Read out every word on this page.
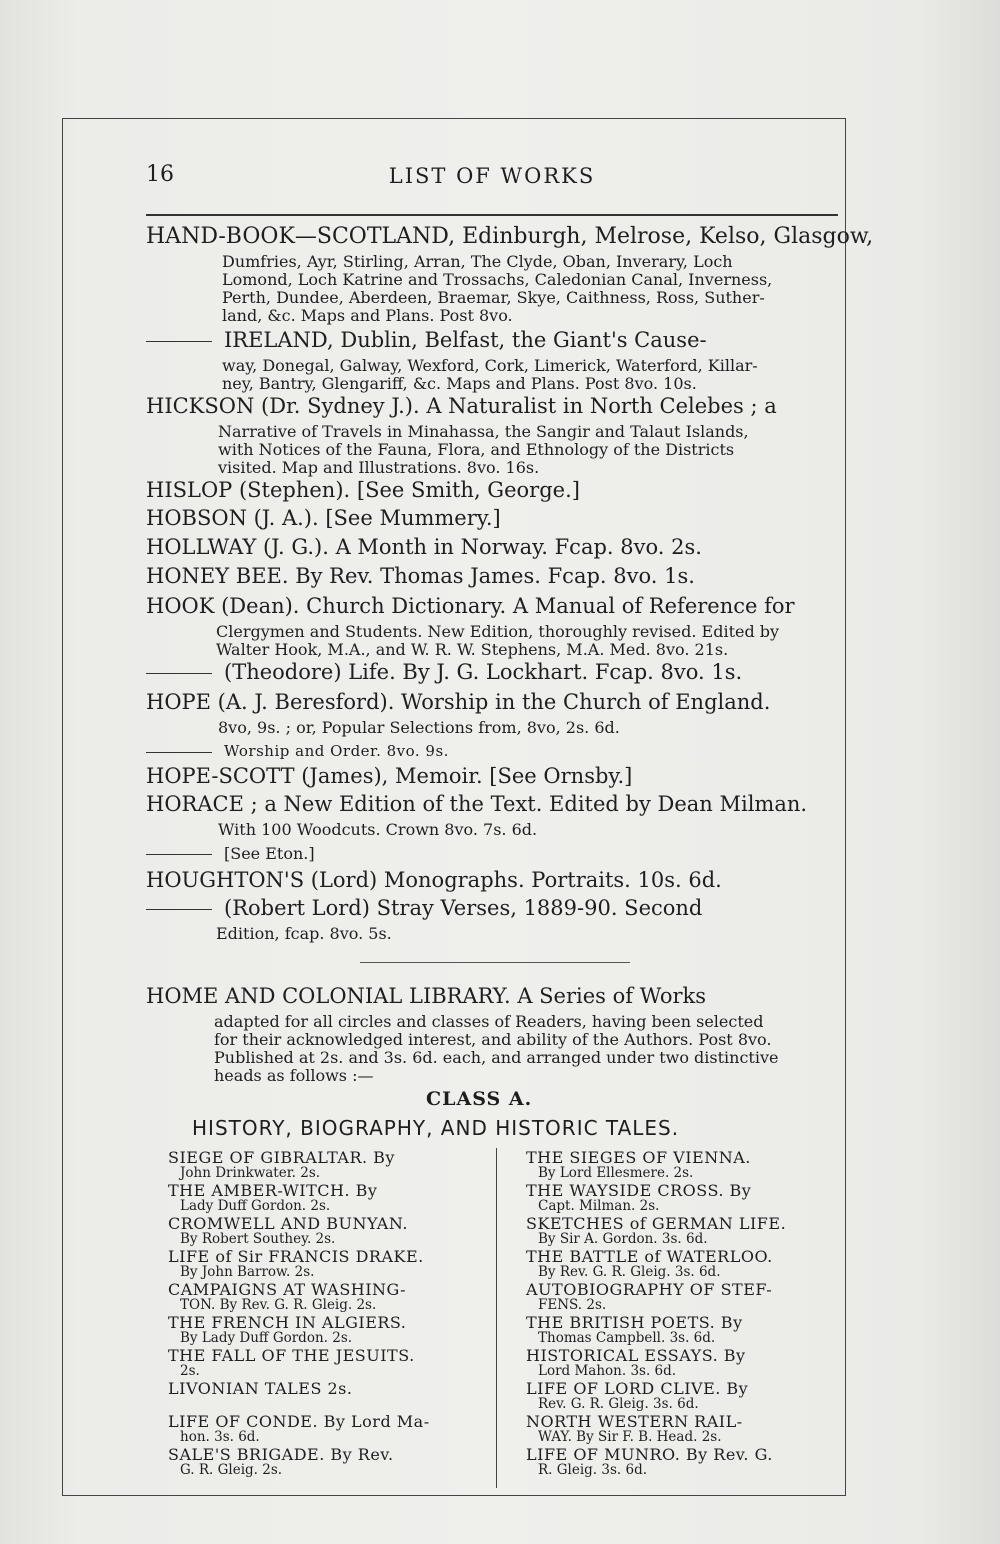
16	LIST OF WORKS
HAND-BOOK—SCOTLAND, Edinburgh, Melrose, Kelso, Glasgow,
Dumfries, Ayr, Stirling, Arran, The Clyde, Oban, Inverary, Loch
Lomond, Loch Katrine and Trossachs, Caledonian Canal, Inverness,
Perth, Dundee, Aberdeen, Braemar, Skye, Caithness, Ross, Suther-
land, &c. Maps and Plans. Post 8vo.
IRELAND, Dublin, Belfast, the Giant's Cause-
way, Donegal, Galway, Wexford, Cork, Limerick, Waterford, Killar-
ney, Bantry, Glengariff, &c. Maps and Plans. Post 8vo. 10s.
HICKSON (Dr. Sydney J.). A Naturalist in North Celebes ; a
Narrative of Travels in Minahassa, the Sangir and Talaut Islands,
with Notices of the Fauna, Flora, and Ethnology of the Districts
visited. Map and Illustrations. 8vo. 16s.
HISLOP (Stephen). [See Smith, George.]
HOBSON (J. A.). [See Mummery.]
HOLLWAY (J. G.). A Month in Norway. Fcap. 8vo. 2s.
HONEY BEE. By Rev. Thomas James. Fcap. 8vo. 1s.
HOOK (Dean). Church Dictionary. A Manual of Reference for
Clergymen and Students. New Edition, thoroughly revised. Edited by
Walter Hook, M.A., and W. R. W. Stephens, M.A. Med. 8vo. 21s.
(Theodore) Life. By J. G. Lockhart. Fcap. 8vo. 1s.
HOPE (A. J. Beresford). Worship in the Church of England.
8vo, 9s. ; or, Popular Selections from, 8vo, 2s. 6d.
Worship and Order. 8vo. 9s.
HOPE-SCOTT (James), Memoir. [See Ornsby.]
HORACE ; a New Edition of the Text. Edited by Dean Milman.
With 100 Woodcuts. Crown 8vo. 7s. 6d.
[See Eton.]
HOUGHTON'S (Lord) Monographs. Portraits. 10s. 6d.
(Robert Lord) Stray Verses, 1889-90. Second
Edition, fcap. 8vo. 5s.
HOME AND COLONIAL LIBRARY. A Series of Works
adapted for all circles and classes of Readers, having been selected
for their acknowledged interest, and ability of the Authors. Post 8vo.
Published at 2s. and 3s. 6d. each, and arranged under two distinctive
heads as follows :—
CLASS A.
HISTORY, BIOGRAPHY, AND HISTORIC TALES.
SIEGE OF GIBRALTAR. By
John Drinkwater. 2s.
THE AMBER-WITCH. By
Lady Duff Gordon. 2s.
CROMWELL AND BUNYAN.
By Robert Southey. 2s.
LIFE of Sir FRANCIS DRAKE.
By John Barrow. 2s.
CAMPAIGNS AT WASHING-
TON. By Rev. G. R. Gleig. 2s.
THE FRENCH IN ALGIERS.
By Lady Duff Gordon. 2s.
THE FALL OF THE JESUITS.
2s.
LIVONIAN TALES 2s.
LIFE OF CONDE. By Lord Ma-
hon. 3s. 6d.
SALE'S BRIGADE. By Rev.
G. R. Gleig. 2s.
THE SIEGES OF VIENNA.
By Lord Ellesmere. 2s.
THE WAYSIDE CROSS. By
Capt. Milman. 2s.
SKETCHES of GERMAN LIFE.
By Sir A. Gordon. 3s. 6d.
THE BATTLE of WATERLOO.
By Rev. G. R. Gleig. 3s. 6d.
AUTOBIOGRAPHY OF STEF-
FENS. 2s.
THE BRITISH POETS. By
Thomas Campbell. 3s. 6d.
HISTORICAL ESSAYS. By
Lord Mahon. 3s. 6d.
LIFE OF LORD CLIVE. By
Rev. G. R. Gleig. 3s. 6d.
NORTH WESTERN RAIL-
WAY. By Sir F. B. Head. 2s.
LIFE OF MUNRO. By Rev. G.
R. Gleig. 3s. 6d.
